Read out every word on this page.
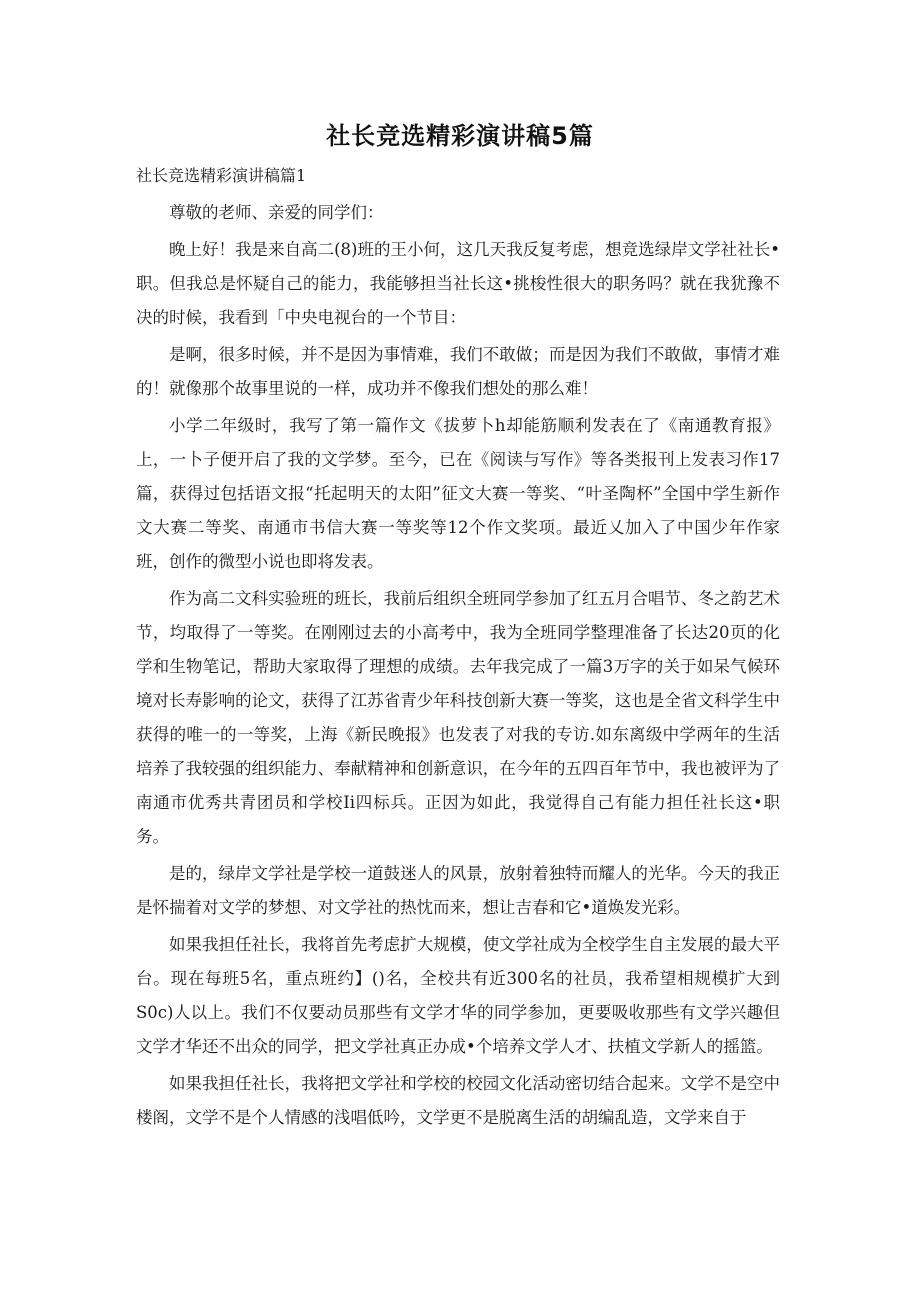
社长竞选精彩演讲稿5篇
社长竞选精彩演讲稿篇1

尊敬的老师、亲爱的同学们：

晚上好！我是来自高二(8)班的王小何，这几天我反复考虑，想竞选绿岸文学社社长•职。但我总是怀疑自己的能力，我能够担当社长这•挑梭性很大的职务吗？就在我犹豫不决的时候，我看到「中央电视台的一个节目：

是啊，很多时候，并不是因为事情难，我们不敢做；而是因为我们不敢做，事情才难的！就像那个故事里说的一样，成功并不像我们想处的那么难！

小学二年级时，我写了第一篇作文《拔萝卜h却能筋顺利发表在了《南通教育报》上，一卜子便开启了我的文学梦。至今，已在《阅读与写作》等各类报刊上发表习作17篇，获得过包括语文报“托起明天的太阳”征文大赛一等奖、“叶圣陶杯”全国中学生新作文大赛二等奖、南通市书信大赛一等奖等12个作文奖项。最近乂加入了中国少年作家班，创作的微型小说也即将发表。

作为高二文科实验班的班长，我前后组织全班同学参加了红五月合唱节、冬之韵艺术节，均取得了一等奖。在刚刚过去的小高考中，我为全班同学整理准备了长达20页的化学和生物笔记，帮助大家取得了理想的成绩。去年我完成了一篇3万字的关于如呆气候环境对长寿影响的论文，获得了江苏省青少年科技创新大赛一等奖，这也是全省文科学生中获得的唯一的一等奖，上海《新民晚报》也发表了对我的专访.如东离级中学两年的生活培养了我较强的组织能力、奉献精神和创新意识，在今年的五四百年节中，我也被评为了南通市优秀共青团员和学校Ii四标兵。正因为如此，我觉得自己有能力担任社长这•职务。

是的，绿岸文学社是学校一道鼓迷人的风景，放射着独特而耀人的光华。今天的我正是怀揣着对文学的梦想、对文学社的热忱而来，想让吉春和它•道焕发光彩。

如果我担任社长，我将首先考虑扩大规模，使文学社成为全校学生自主发展的最大平台。现在每班5名，重点班约】()名，全校共有近300名的社员，我希望相规模扩大到S0c)人以上。我们不仅要动员那些有文学才华的同学参加，更要吸收那些有文学兴趣但文学才华还不出众的同学，把文学社真正办成•个培养文学人才、扶植文学新人的摇篮。

如果我担任社长，我将把文学社和学校的校园文化活动密切结合起来。文学不是空中楼阁，文学不是个人情感的浅唱低吟，文学更不是脱离生活的胡编乱造，文学来自于
